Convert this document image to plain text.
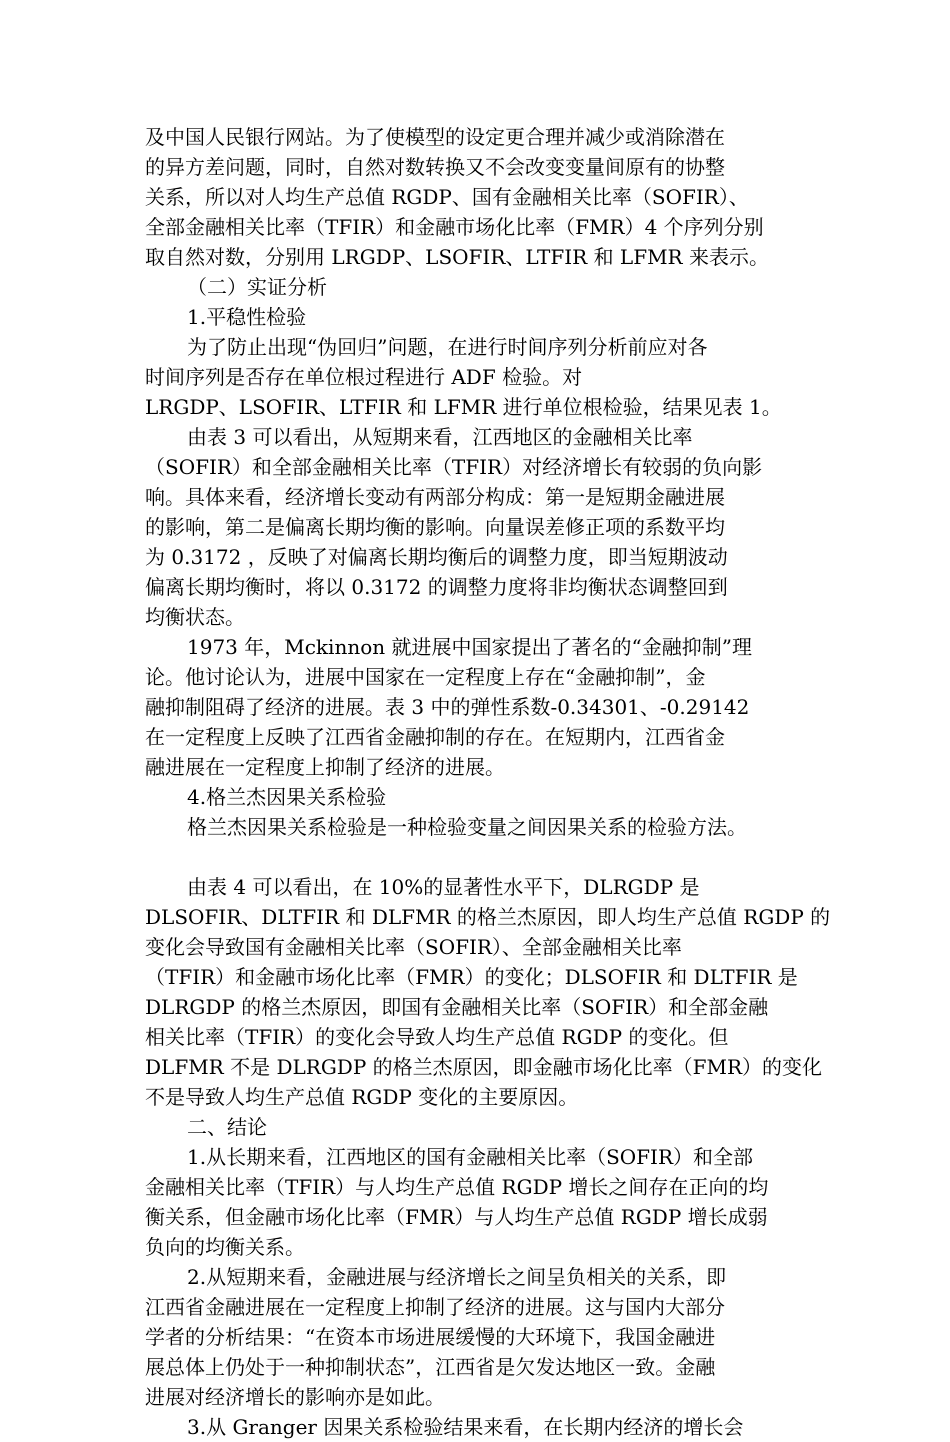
及中国人民银行网站。为了使模型的设定更合理并减少或消除潜在
的异方差问题，同时，自然对数转换又不会改变变量间原有的协整
关系，所以对人均生产总值 RGDP、国有金融相关比率（SOFIR）、
全部金融相关比率（TFIR）和金融市场化比率（FMR）4 个序列分别
取自然对数，分别用 LRGDP、LSOFIR、LTFIR 和 LFMR 来表示。
（二）实证分析
1.平稳性检验
为了防止出现“伪回归”问题，在进行时间序列分析前应对各
时间序列是否存在单位根过程进行 ADF 检验。对
LRGDP、LSOFIR、LTFIR 和 LFMR 进行单位根检验，结果见表 1。
由表 3 可以看出，从短期来看，江西地区的金融相关比率
（SOFIR）和全部金融相关比率（TFIR）对经济增长有较弱的负向影
响。具体来看，经济增长变动有两部分构成：第一是短期金融进展
的影响，第二是偏离长期均衡的影响。向量误差修正项的系数平均
为 0.3172 ，反映了对偏离长期均衡后的调整力度，即当短期波动
偏离长期均衡时，将以 0.3172 的调整力度将非均衡状态调整回到
均衡状态。
1973 年，Mckinnon 就进展中国家提出了著名的“金融抑制”理
论。他讨论认为，进展中国家在一定程度上存在“金融抑制”，金
融抑制阻碍了经济的进展。表 3 中的弹性系数-0.34301、-0.29142
在一定程度上反映了江西省金融抑制的存在。在短期内，江西省金
融进展在一定程度上抑制了经济的进展。
4.格兰杰因果关系检验
格兰杰因果关系检验是一种检验变量之间因果关系的检验方法。
由表 4 可以看出，在 10%的显著性水平下，DLRGDP 是
DLSOFIR、DLTFIR 和 DLFMR 的格兰杰原因，即人均生产总值 RGDP 的
变化会导致国有金融相关比率（SOFIR）、全部金融相关比率
（TFIR）和金融市场化比率（FMR）的变化；DLSOFIR 和 DLTFIR 是
DLRGDP 的格兰杰原因，即国有金融相关比率（SOFIR）和全部金融
相关比率（TFIR）的变化会导致人均生产总值 RGDP 的变化。但
DLFMR 不是 DLRGDP 的格兰杰原因，即金融市场化比率（FMR）的变化
不是导致人均生产总值 RGDP 变化的主要原因。
二、结论
1.从长期来看，江西地区的国有金融相关比率（SOFIR）和全部
金融相关比率（TFIR）与人均生产总值 RGDP 增长之间存在正向的均
衡关系，但金融市场化比率（FMR）与人均生产总值 RGDP 增长成弱
负向的均衡关系。
2.从短期来看，金融进展与经济增长之间呈负相关的关系，即
江西省金融进展在一定程度上抑制了经济的进展。这与国内大部分
学者的分析结果：“在资本市场进展缓慢的大环境下，我国金融进
展总体上仍处于一种抑制状态”，江西省是欠发达地区一致。金融
进展对经济增长的影响亦是如此。
3.从 Granger 因果关系检验结果来看，在长期内经济的增长会
